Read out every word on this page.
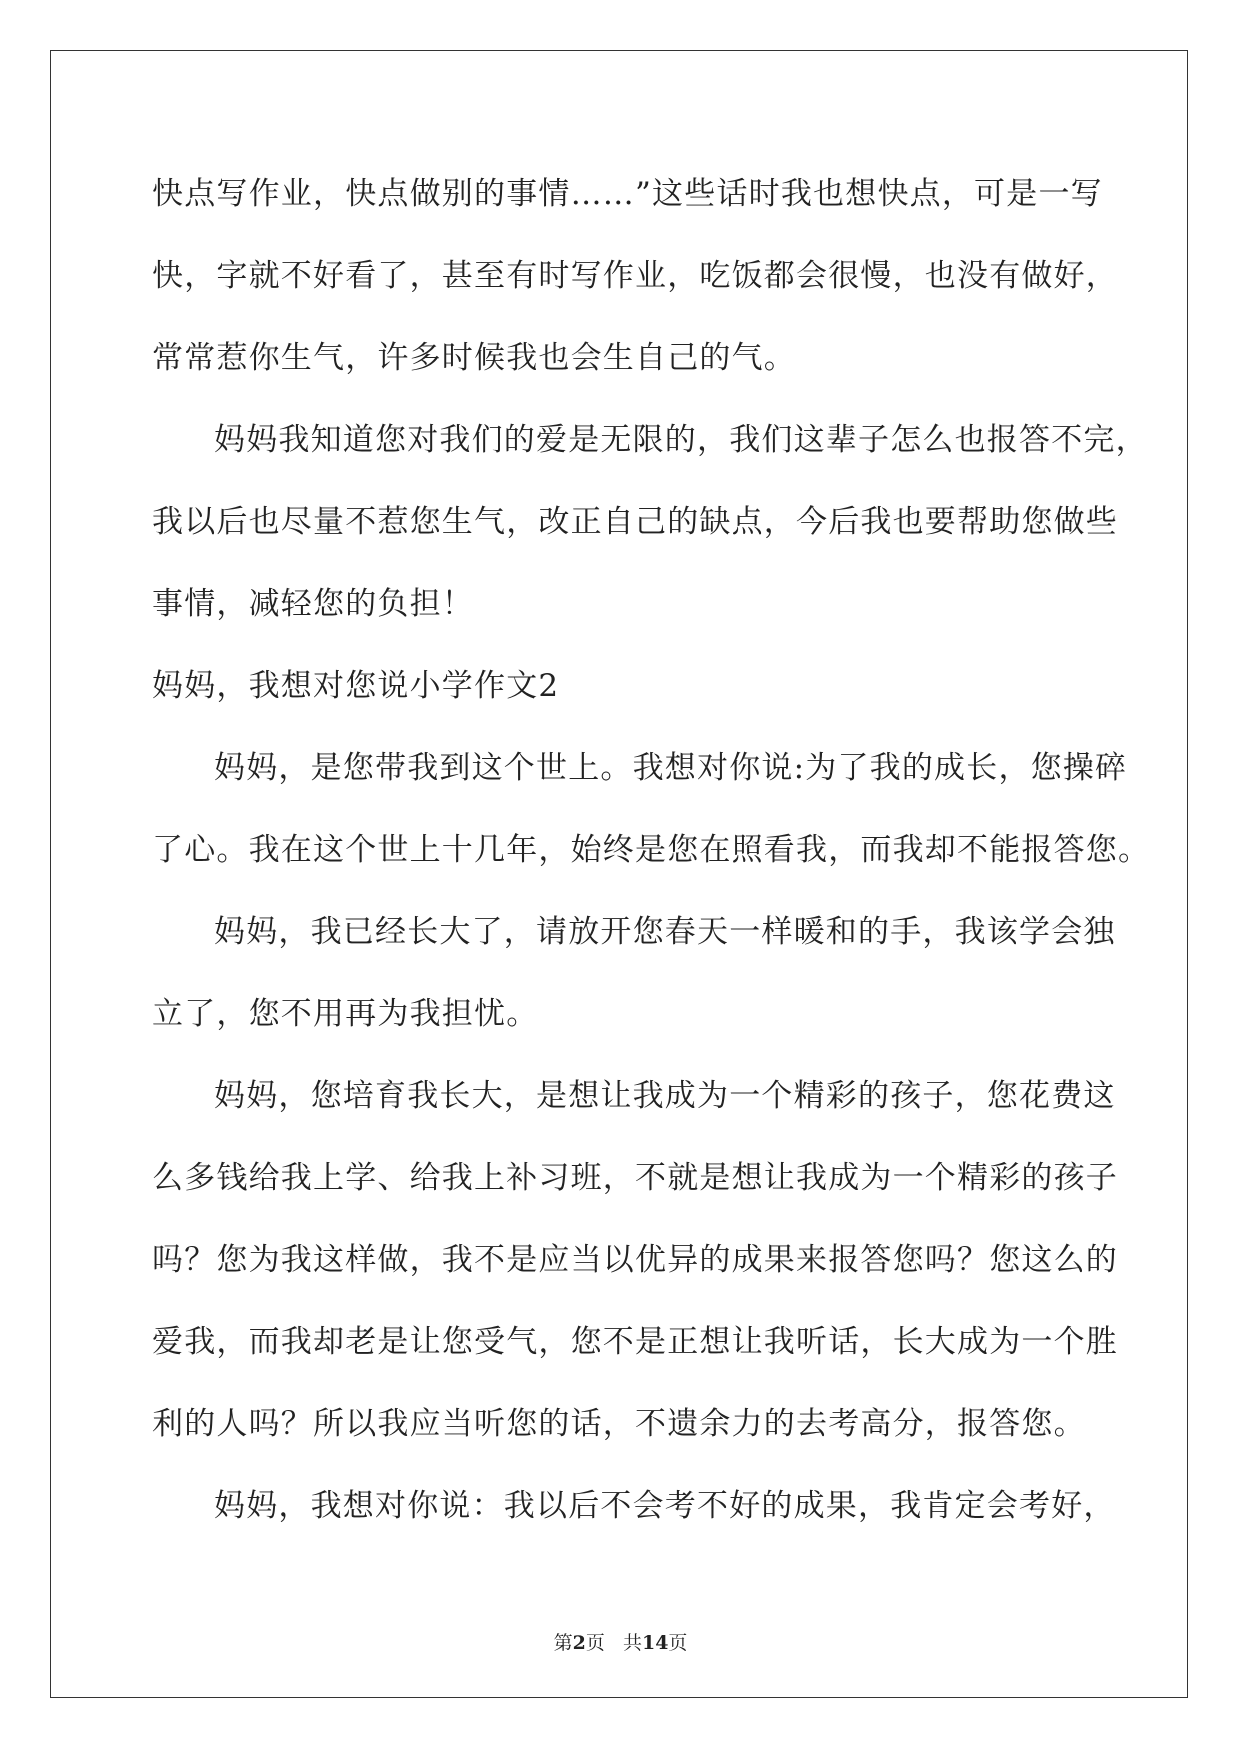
快点写作业，快点做别的事情……”这些话时我也想快点，可是一写
快，字就不好看了，甚至有时写作业，吃饭都会很慢，也没有做好，
常常惹你生气，许多时候我也会生自己的气。
妈妈我知道您对我们的爱是无限的，我们这辈子怎么也报答不完，
我以后也尽量不惹您生气，改正自己的缺点，今后我也要帮助您做些
事情，减轻您的负担！
妈妈，我想对您说小学作文2
妈妈，是您带我到这个世上。我想对你说:为了我的成长，您操碎
了心。我在这个世上十几年，始终是您在照看我，而我却不能报答您。
妈妈，我已经长大了，请放开您春天一样暖和的手，我该学会独
立了，您不用再为我担忧。
妈妈，您培育我长大，是想让我成为一个精彩的孩子，您花费这
么多钱给我上学、给我上补习班，不就是想让我成为一个精彩的孩子
吗？您为我这样做，我不是应当以优异的成果来报答您吗？您这么的
爱我，而我却老是让您受气，您不是正想让我听话，长大成为一个胜
利的人吗？所以我应当听您的话，不遗余力的去考高分，报答您。
妈妈，我想对你说：我以后不会考不好的成果，我肯定会考好，
第2页 共14页
